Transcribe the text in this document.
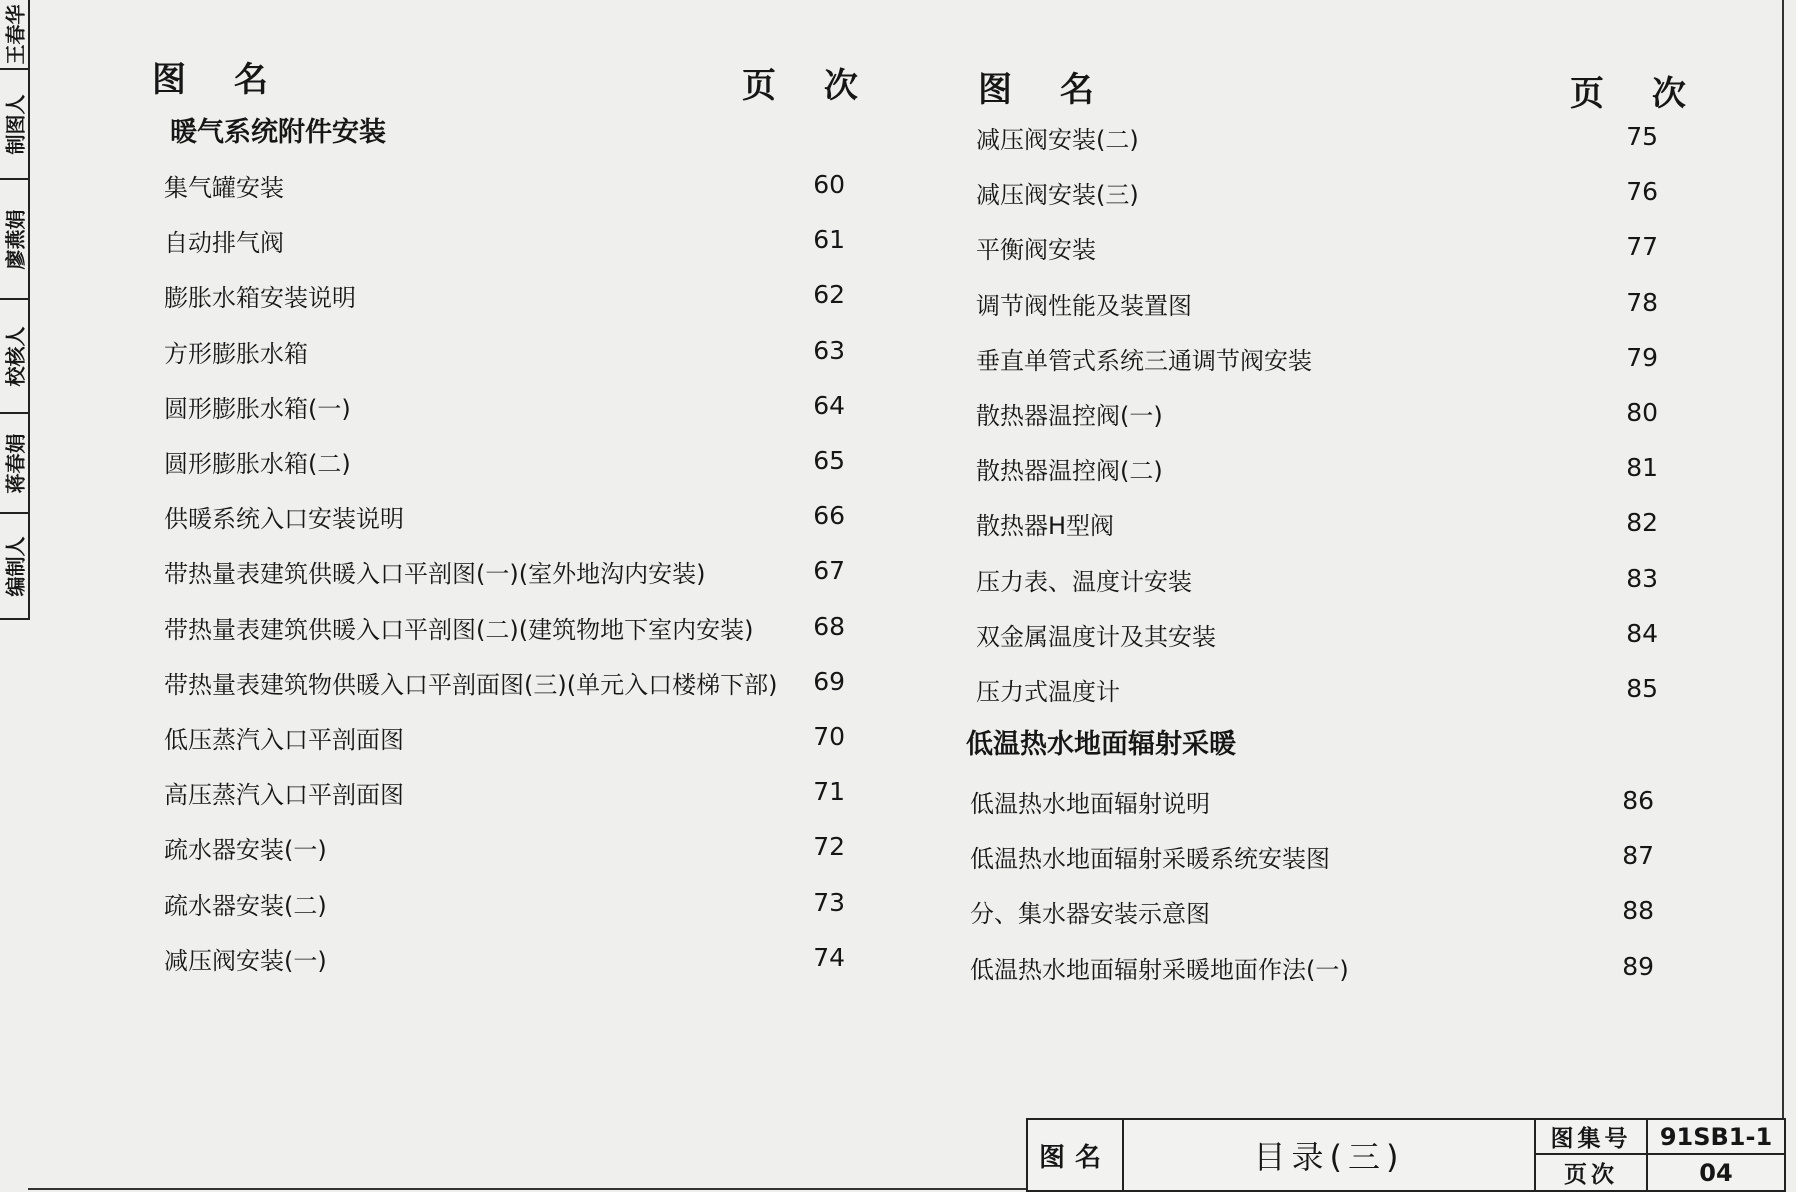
编制人
蒋春娟
校核人
廖燕娟
制图人
王春华
图 名	页 次	图 名	页 次
暖气系统附件安装
集气罐安装	60
自动排气阀	61
膨胀水箱安装说明	62
方形膨胀水箱	63
圆形膨胀水箱(一)	64
圆形膨胀水箱(二)	65
供暖系统入口安装说明	66
带热量表建筑供暖入口平剖图(一)(室外地沟内安装)	67
带热量表建筑供暖入口平剖图(二)(建筑物地下室内安装)	68
带热量表建筑物供暖入口平剖面图(三)(单元入口楼梯下部)	69
低压蒸汽入口平剖面图	70
高压蒸汽入口平剖面图	71
疏水器安装(一)	72
疏水器安装(二)	73
减压阀安装(一)	74
减压阀安装(二)	75
减压阀安装(三)	76
平衡阀安装	77
调节阀性能及装置图	78
垂直单管式系统三通调节阀安装	79
散热器温控阀(一)	80
散热器温控阀(二)	81
散热器H型阀	82
压力表、温度计安装	83
双金属温度计及其安装	84
压力式温度计	85
低温热水地面辐射说明	86
低温热水地面辐射采暖系统安装图	87
分、集水器安装示意图	88
低温热水地面辐射采暖地面作法(一)	89
低温热水地面辐射采暖
图名	目录(三)	图集号 91SB1-1
页次	04
